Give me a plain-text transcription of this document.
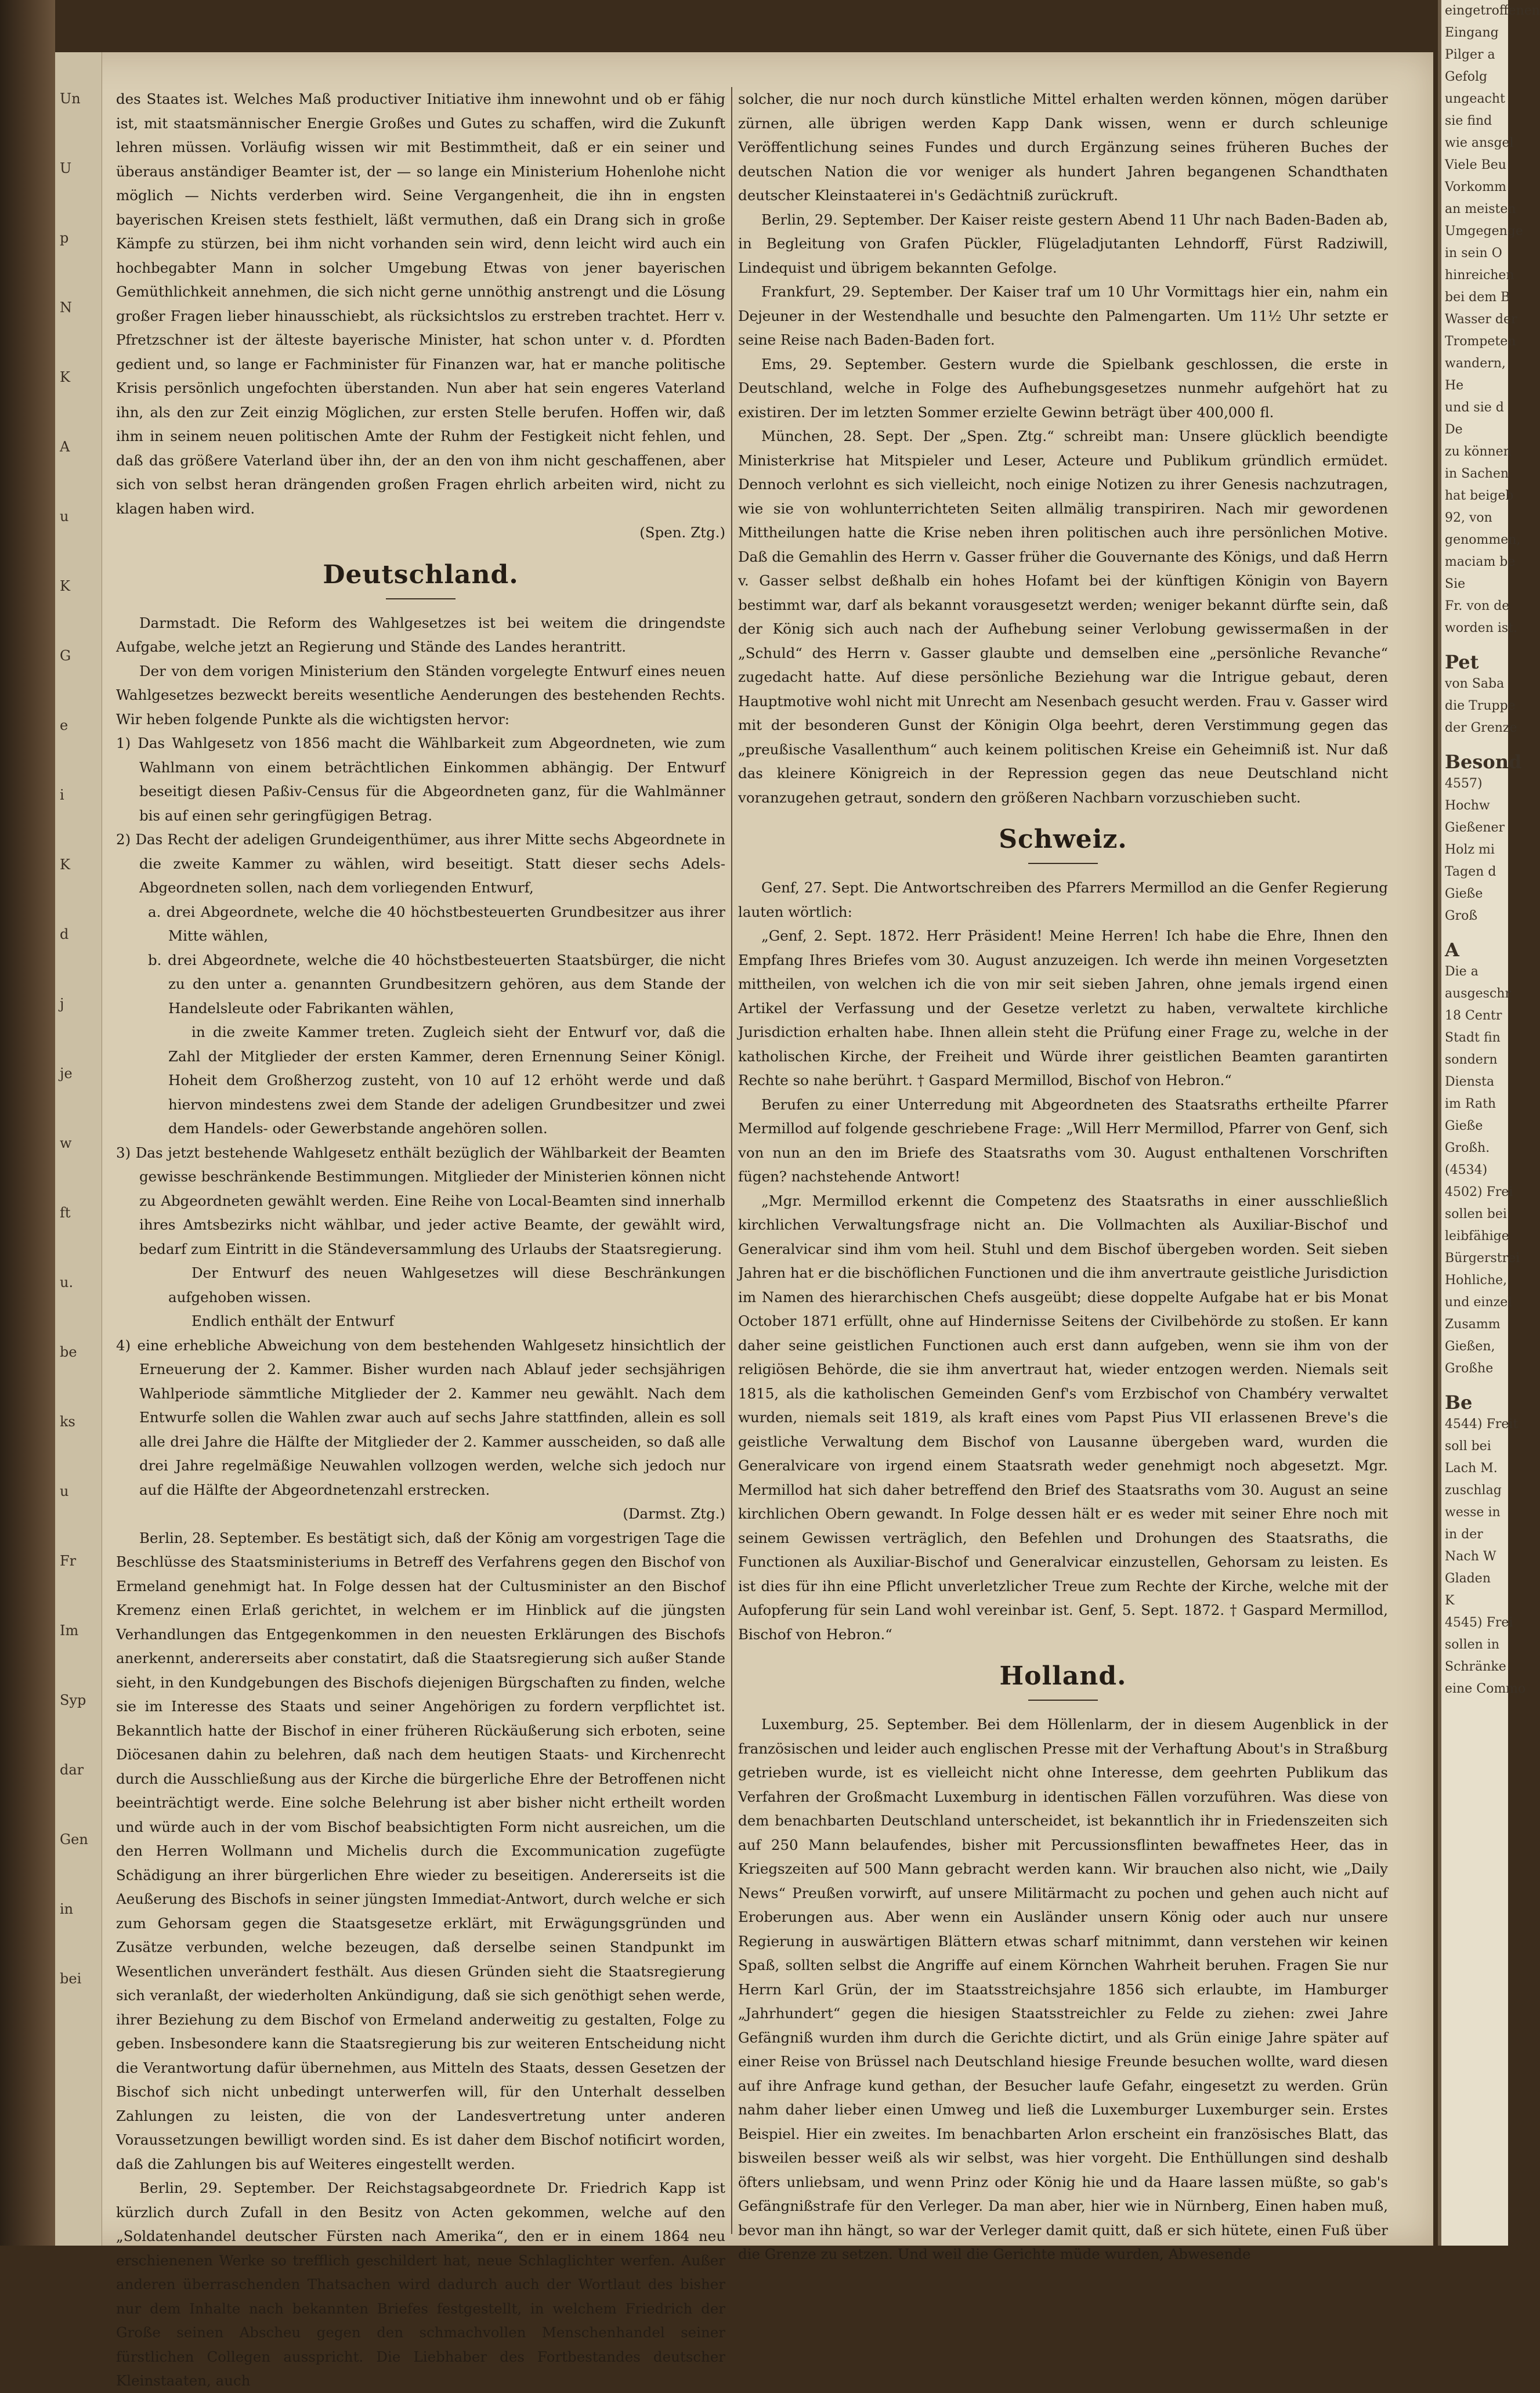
Un
U
p
N
K
A
u
K
G
e
i
K
d
j
je
w
ft
u.
be
ks
u
Fr
Im
Syp
dar
Gen
in
bei

des Staates ist. Welches Maß productiver Initiative ihm innewohnt und ob er fähig ist, mit staatsmännischer Energie Großes und Gutes zu schaffen, wird die Zukunft lehren müssen. Vorläufig wissen wir mit Bestimmtheit, daß er ein seiner und überaus anständiger Beamter ist, der — so lange ein Ministerium Hohenlohe nicht möglich — Nichts verderben wird. Seine Vergangenheit, die ihn in engsten bayerischen Kreisen stets festhielt, läßt vermuthen, daß ein Drang sich in große Kämpfe zu stürzen, bei ihm nicht vorhanden sein wird, denn leicht wird auch ein hochbegabter Mann in solcher Umgebung Etwas von jener bayerischen Gemüthlichkeit annehmen, die sich nicht gerne unnöthig anstrengt und die Lösung großer Fragen lieber hinausschiebt, als rücksichtslos zu erstreben trachtet. Herr v. Pfretzschner ist der älteste bayerische Minister, hat schon unter v. d. Pfordten gedient und, so lange er Fachminister für Finanzen war, hat er manche politische Krisis persönlich ungefochten überstanden. Nun aber hat sein engeres Vaterland ihn, als den zur Zeit einzig Möglichen, zur ersten Stelle berufen. Hoffen wir, daß ihm in seinem neuen politischen Amte der Ruhm der Festigkeit nicht fehlen, und daß das größere Vaterland über ihn, der an den von ihm nicht geschaffenen, aber sich von selbst heran drängenden großen Fragen ehrlich arbeiten wird, nicht zu klagen haben wird.

(Spen. Ztg.)

Deutschland.

Darmstadt. Die Reform des Wahlgesetzes ist bei weitem die dringendste Aufgabe, welche jetzt an Regierung und Stände des Landes herantritt.

Der von dem vorigen Ministerium den Ständen vorgelegte Entwurf eines neuen Wahlgesetzes bezweckt bereits wesentliche Aenderungen des bestehenden Rechts. Wir heben folgende Punkte als die wichtigsten hervor:

1) Das Wahlgesetz von 1856 macht die Wählbarkeit zum Abgeordneten, wie zum Wahlmann von einem beträchtlichen Einkommen abhängig. Der Entwurf beseitigt diesen Paßiv-Census für die Abgeordneten ganz, für die Wahlmänner bis auf einen sehr geringfügigen Betrag.

2) Das Recht der adeligen Grundeigenthümer, aus ihrer Mitte sechs Abgeordnete in die zweite Kammer zu wählen, wird beseitigt. Statt dieser sechs Adels-Abgeordneten sollen, nach dem vorliegenden Entwurf,

a. drei Abgeordnete, welche die 40 höchstbesteuerten Grundbesitzer aus ihrer Mitte wählen,

b. drei Abgeordnete, welche die 40 höchstbesteuerten Staatsbürger, die nicht zu den unter a. genannten Grundbesitzern gehören, aus dem Stande der Handelsleute oder Fabrikanten wählen,

in die zweite Kammer treten. Zugleich sieht der Entwurf vor, daß die Zahl der Mitglieder der ersten Kammer, deren Ernennung Seiner Königl. Hoheit dem Großherzog zusteht, von 10 auf 12 erhöht werde und daß hiervon mindestens zwei dem Stande der adeligen Grundbesitzer und zwei dem Handels- oder Gewerbstande angehören sollen.

3) Das jetzt bestehende Wahlgesetz enthält bezüglich der Wählbarkeit der Beamten gewisse beschränkende Bestimmungen. Mitglieder der Ministerien können nicht zu Abgeordneten gewählt werden. Eine Reihe von Local-Beamten sind innerhalb ihres Amtsbezirks nicht wählbar, und jeder active Beamte, der gewählt wird, bedarf zum Eintritt in die Ständeversammlung des Urlaubs der Staatsregierung.

Der Entwurf des neuen Wahlgesetzes will diese Beschränkungen aufgehoben wissen.

Endlich enthält der Entwurf

4) eine erhebliche Abweichung von dem bestehenden Wahlgesetz hinsichtlich der Erneuerung der 2. Kammer. Bisher wurden nach Ablauf jeder sechsjährigen Wahlperiode sämmtliche Mitglieder der 2. Kammer neu gewählt. Nach dem Entwurfe sollen die Wahlen zwar auch auf sechs Jahre stattfinden, allein es soll alle drei Jahre die Hälfte der Mitglieder der 2. Kammer ausscheiden, so daß alle drei Jahre regelmäßige Neuwahlen vollzogen werden, welche sich jedoch nur auf die Hälfte der Abgeordnetenzahl erstrecken.

(Darmst. Ztg.)

Berlin, 28. September. Es bestätigt sich, daß der König am vorgestrigen Tage die Beschlüsse des Staatsministeriums in Betreff des Verfahrens gegen den Bischof von Ermeland genehmigt hat. In Folge dessen hat der Cultusminister an den Bischof Kremenz einen Erlaß gerichtet, in welchem er im Hinblick auf die jüngsten Verhandlungen das Entgegenkommen in den neuesten Erklärungen des Bischofs anerkennt, andererseits aber constatirt, daß die Staatsregierung sich außer Stande sieht, in den Kundgebungen des Bischofs diejenigen Bürgschaften zu finden, welche sie im Interesse des Staats und seiner Angehörigen zu fordern verpflichtet ist. Bekanntlich hatte der Bischof in einer früheren Rückäußerung sich erboten, seine Diöcesanen dahin zu belehren, daß nach dem heutigen Staats- und Kirchenrecht durch die Ausschließung aus der Kirche die bürgerliche Ehre der Betroffenen nicht beeinträchtigt werde. Eine solche Belehrung ist aber bisher nicht ertheilt worden und würde auch in der vom Bischof beabsichtigten Form nicht ausreichen, um die den Herren Wollmann und Michelis durch die Excommunication zugefügte Schädigung an ihrer bürgerlichen Ehre wieder zu beseitigen. Andererseits ist die Aeußerung des Bischofs in seiner jüngsten Immediat-Antwort, durch welche er sich zum Gehorsam gegen die Staatsgesetze erklärt, mit Erwägungsgründen und Zusätze verbunden, welche bezeugen, daß derselbe seinen Standpunkt im Wesentlichen unverändert festhält. Aus diesen Gründen sieht die Staatsregierung sich veranlaßt, der wiederholten Ankündigung, daß sie sich genöthigt sehen werde, ihrer Beziehung zu dem Bischof von Ermeland anderweitig zu gestalten, Folge zu geben. Insbesondere kann die Staatsregierung bis zur weiteren Entscheidung nicht die Verantwortung dafür übernehmen, aus Mitteln des Staats, dessen Gesetzen der Bischof sich nicht unbedingt unterwerfen will, für den Unterhalt desselben Zahlungen zu leisten, die von der Landesvertretung unter anderen Voraussetzungen bewilligt worden sind. Es ist daher dem Bischof notificirt worden, daß die Zahlungen bis auf Weiteres eingestellt werden.

Berlin, 29. September. Der Reichstagsabgeordnete Dr. Friedrich Kapp ist kürzlich durch Zufall in den Besitz von Acten gekommen, welche auf den „Soldatenhandel deutscher Fürsten nach Amerika“, den er in einem 1864 neu erschienenen Werke so trefflich geschildert hat, neue Schlaglichter werfen. Außer anderen überraschenden Thatsachen wird dadurch auch der Wortlaut des bisher nur dem Inhalte nach bekannten Briefes festgestellt, in welchem Friedrich der Große seinen Abscheu gegen den schmachvollen Menschenhandel seiner fürstlichen Collegen ausspricht. Die Liebhaber des Fortbestandes deutscher Kleinstaaten, auch

solcher, die nur noch durch künstliche Mittel erhalten werden können, mögen darüber zürnen, alle übrigen werden Kapp Dank wissen, wenn er durch schleunige Veröffentlichung seines Fundes und durch Ergänzung seines früheren Buches der deutschen Nation die vor weniger als hundert Jahren begangenen Schandthaten deutscher Kleinstaaterei in's Gedächtniß zurückruft.

Berlin, 29. September. Der Kaiser reiste gestern Abend 11 Uhr nach Baden-Baden ab, in Begleitung von Grafen Pückler, Flügeladjutanten Lehndorff, Fürst Radziwill, Lindequist und übrigem bekannten Gefolge.

Frankfurt, 29. September. Der Kaiser traf um 10 Uhr Vormittags hier ein, nahm ein Dejeuner in der Westendhalle und besuchte den Palmengarten. Um 11½ Uhr setzte er seine Reise nach Baden-Baden fort.

Ems, 29. September. Gestern wurde die Spielbank geschlossen, die erste in Deutschland, welche in Folge des Aufhebungsgesetzes nunmehr aufgehört hat zu existiren. Der im letzten Sommer erzielte Gewinn beträgt über 400,000 fl.

München, 28. Sept. Der „Spen. Ztg.“ schreibt man: Unsere glücklich beendigte Ministerkrise hat Mitspieler und Leser, Acteure und Publikum gründlich ermüdet. Dennoch verlohnt es sich vielleicht, noch einige Notizen zu ihrer Genesis nachzutragen, wie sie von wohlunterrichteten Seiten allmälig transpiriren. Nach mir gewordenen Mittheilungen hatte die Krise neben ihren politischen auch ihre persönlichen Motive. Daß die Gemahlin des Herrn v. Gasser früher die Gouvernante des Königs, und daß Herrn v. Gasser selbst deßhalb ein hohes Hofamt bei der künftigen Königin von Bayern bestimmt war, darf als bekannt vorausgesetzt werden; weniger bekannt dürfte sein, daß der König sich auch nach der Aufhebung seiner Verlobung gewissermaßen in der „Schuld“ des Herrn v. Gasser glaubte und demselben eine „persönliche Revanche“ zugedacht hatte. Auf diese persönliche Beziehung war die Intrigue gebaut, deren Hauptmotive wohl nicht mit Unrecht am Nesenbach gesucht werden. Frau v. Gasser wird mit der besonderen Gunst der Königin Olga beehrt, deren Verstimmung gegen das „preußische Vasallenthum“ auch keinem politischen Kreise ein Geheimniß ist. Nur daß das kleinere Königreich in der Repression gegen das neue Deutschland nicht voranzugehen getraut, sondern den größeren Nachbarn vorzuschieben sucht.

Schweiz.

Genf, 27. Sept. Die Antwortschreiben des Pfarrers Mermillod an die Genfer Regierung lauten wörtlich:

„Genf, 2. Sept. 1872. Herr Präsident! Meine Herren! Ich habe die Ehre, Ihnen den Empfang Ihres Briefes vom 30. August anzuzeigen. Ich werde ihn meinen Vorgesetzten mittheilen, von welchen ich die von mir seit sieben Jahren, ohne jemals irgend einen Artikel der Verfassung und der Gesetze verletzt zu haben, verwaltete kirchliche Jurisdiction erhalten habe. Ihnen allein steht die Prüfung einer Frage zu, welche in der katholischen Kirche, der Freiheit und Würde ihrer geistlichen Beamten garantirten Rechte so nahe berührt. † Gaspard Mermillod, Bischof von Hebron.“

Berufen zu einer Unterredung mit Abgeordneten des Staatsraths ertheilte Pfarrer Mermillod auf folgende geschriebene Frage: „Will Herr Mermillod, Pfarrer von Genf, sich von nun an den im Briefe des Staatsraths vom 30. August enthaltenen Vorschriften fügen? nachstehende Antwort!

„Mgr. Mermillod erkennt die Competenz des Staatsraths in einer ausschließlich kirchlichen Verwaltungsfrage nicht an. Die Vollmachten als Auxiliar-Bischof und Generalvicar sind ihm vom heil. Stuhl und dem Bischof übergeben worden. Seit sieben Jahren hat er die bischöflichen Functionen und die ihm anvertraute geistliche Jurisdiction im Namen des hierarchischen Chefs ausgeübt; diese doppelte Aufgabe hat er bis Monat October 1871 erfüllt, ohne auf Hindernisse Seitens der Civilbehörde zu stoßen. Er kann daher seine geistlichen Functionen auch erst dann aufgeben, wenn sie ihm von der religiösen Behörde, die sie ihm anvertraut hat, wieder entzogen werden. Niemals seit 1815, als die katholischen Gemeinden Genf's vom Erzbischof von Chambéry verwaltet wurden, niemals seit 1819, als kraft eines vom Papst Pius VII erlassenen Breve's die geistliche Verwaltung dem Bischof von Lausanne übergeben ward, wurden die Generalvicare von irgend einem Staatsrath weder genehmigt noch abgesetzt. Mgr. Mermillod hat sich daher betreffend den Brief des Staatsraths vom 30. August an seine kirchlichen Obern gewandt. In Folge dessen hält er es weder mit seiner Ehre noch mit seinem Gewissen verträglich, den Befehlen und Drohungen des Staatsraths, die Functionen als Auxiliar-Bischof und Generalvicar einzustellen, Gehorsam zu leisten. Es ist dies für ihn eine Pflicht unverletzlicher Treue zum Rechte der Kirche, welche mit der Aufopferung für sein Land wohl vereinbar ist. Genf, 5. Sept. 1872. † Gaspard Mermillod, Bischof von Hebron.“

Holland.

Luxemburg, 25. September. Bei dem Höllenlarm, der in diesem Augenblick in der französischen und leider auch englischen Presse mit der Verhaftung About's in Straßburg getrieben wurde, ist es vielleicht nicht ohne Interesse, dem geehrten Publikum das Verfahren der Großmacht Luxemburg in identischen Fällen vorzuführen. Was diese von dem benachbarten Deutschland unterscheidet, ist bekanntlich ihr in Friedenszeiten sich auf 250 Mann belaufendes, bisher mit Percussionsflinten bewaffnetes Heer, das in Kriegszeiten auf 500 Mann gebracht werden kann. Wir brauchen also nicht, wie „Daily News“ Preußen vorwirft, auf unsere Militärmacht zu pochen und gehen auch nicht auf Eroberungen aus. Aber wenn ein Ausländer unsern König oder auch nur unsere Regierung in auswärtigen Blättern etwas scharf mitnimmt, dann verstehen wir keinen Spaß, sollten selbst die Angriffe auf einem Körnchen Wahrheit beruhen. Fragen Sie nur Herrn Karl Grün, der im Staatsstreichsjahre 1856 sich erlaubte, im Hamburger „Jahrhundert“ gegen die hiesigen Staatsstreichler zu Felde zu ziehen: zwei Jahre Gefängniß wurden ihm durch die Gerichte dictirt, und als Grün einige Jahre später auf einer Reise von Brüssel nach Deutschland hiesige Freunde besuchen wollte, ward diesen auf ihre Anfrage kund gethan, der Besucher laufe Gefahr, eingesetzt zu werden. Grün nahm daher lieber einen Umweg und ließ die Luxemburger Luxemburger sein. Erstes Beispiel. Hier ein zweites. Im benachbarten Arlon erscheint ein französisches Blatt, das bisweilen besser weiß als wir selbst, was hier vorgeht. Die Enthüllungen sind deshalb öfters unliebsam, und wenn Prinz oder König hie und da Haare lassen müßte, so gab's Gefängnißstrafe für den Verleger. Da man aber, hier wie in Nürnberg, Einen haben muß, bevor man ihn hängt, so war der Verleger damit quitt, daß er sich hütete, einen Fuß über die Grenze zu setzen. Und weil die Gerichte müde wurden, Abwesende

eingetroffenen
Eingang
Pilger a
Gefolg
ungeacht
sie find
wie ansgel
Viele Beu
Vorkomm
an meisten
Umgegenge
in sein O
hinreichen
bei dem B
Wasser der
Trompeten
wandern,
He
und sie d
De
zu können
in Sachen
hat beigeb
92, von
genommen,
maciam be
Sie
Fr. von de
worden ist.
Pet
von Saba
die Truppe
der Grenze
Besond
4557)
Hochw
Gießener
Holz mi
Tagen d
Gieße
Groß
A
Die a
ausgeschr
18 Centr
Stadt fin
sondern
Diensta
im Rath
Gieße
Großh.
(4534)
4502) Frei
sollen bei
leibfähige
Bürgerstrei
Hohliche,
und einzel
Zusamm
Gießen,
Großhe
Be
4544) Freit
soll bei
Lach M.
zuschlag
wesse in
in der
Nach W
Gladen
K
4545) Frei
sollen in
Schränke
eine Commo
